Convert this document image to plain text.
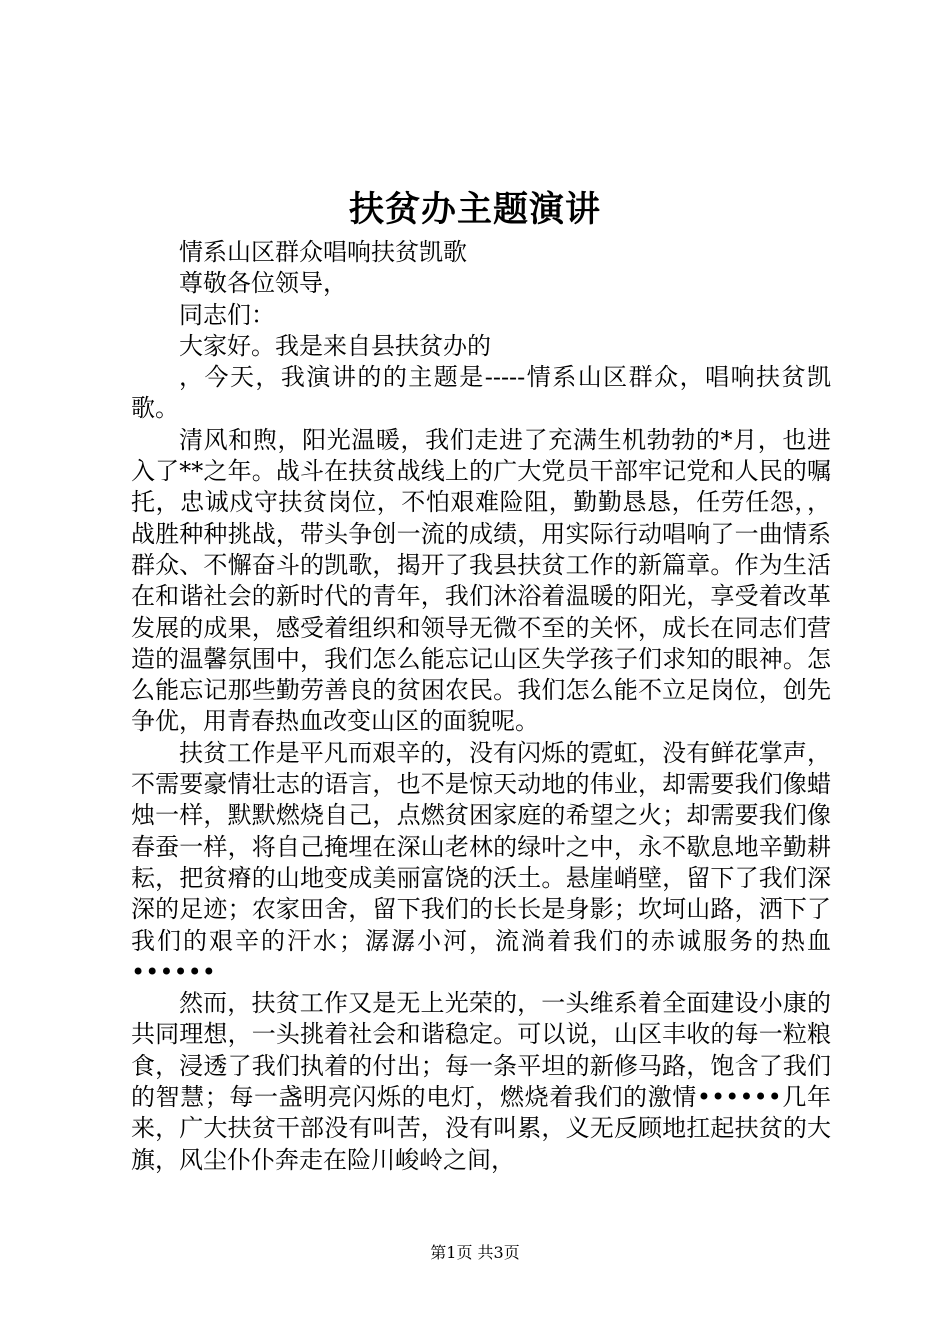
扶贫办主题演讲

情系山区群众唱响扶贫凯歌

尊敬各位领导，

同志们：

大家好。我是来自县扶贫办的

，今天，我演讲的的主题是-----情系山区群众，唱响扶贫凯歌。

清风和煦，阳光温暖，我们走进了充满生机勃勃的*月，也进入了**之年。战斗在扶贫战线上的广大党员干部牢记党和人民的嘱托，忠诚戍守扶贫岗位，不怕艰难险阻，勤勤恳恳，任劳任怨，，战胜种种挑战，带头争创一流的成绩，用实际行动唱响了一曲情系群众、不懈奋斗的凯歌，揭开了我县扶贫工作的新篇章。作为生活在和谐社会的新时代的青年，我们沐浴着温暖的阳光，享受着改革发展的成果，感受着组织和领导无微不至的关怀，成长在同志们营造的温馨氛围中，我们怎么能忘记山区失学孩子们求知的眼神。怎么能忘记那些勤劳善良的贫困农民。我们怎么能不立足岗位，创先争优，用青春热血改变山区的面貌呢。

扶贫工作是平凡而艰辛的，没有闪烁的霓虹，没有鲜花掌声，不需要豪情壮志的语言，也不是惊天动地的伟业，却需要我们像蜡烛一样，默默燃烧自己，点燃贫困家庭的希望之火；却需要我们像春蚕一样，将自己掩埋在深山老林的绿叶之中，永不歇息地辛勤耕耘，把贫瘠的山地变成美丽富饶的沃土。悬崖峭壁，留下了我们深深的足迹；农家田舍，留下我们的长长是身影；坎坷山路，洒下了我们的艰辛的汗水；潺潺小河，流淌着我们的赤诚服务的热血••••••

然而，扶贫工作又是无上光荣的，一头维系着全面建设小康的共同理想，一头挑着社会和谐稳定。可以说，山区丰收的每一粒粮食，浸透了我们执着的付出；每一条平坦的新修马路，饱含了我们的智慧；每一盏明亮闪烁的电灯，燃烧着我们的激情••••••几年来，广大扶贫干部没有叫苦，没有叫累，义无反顾地扛起扶贫的大旗，风尘仆仆奔走在险川峻岭之间，

第1页 共3页
